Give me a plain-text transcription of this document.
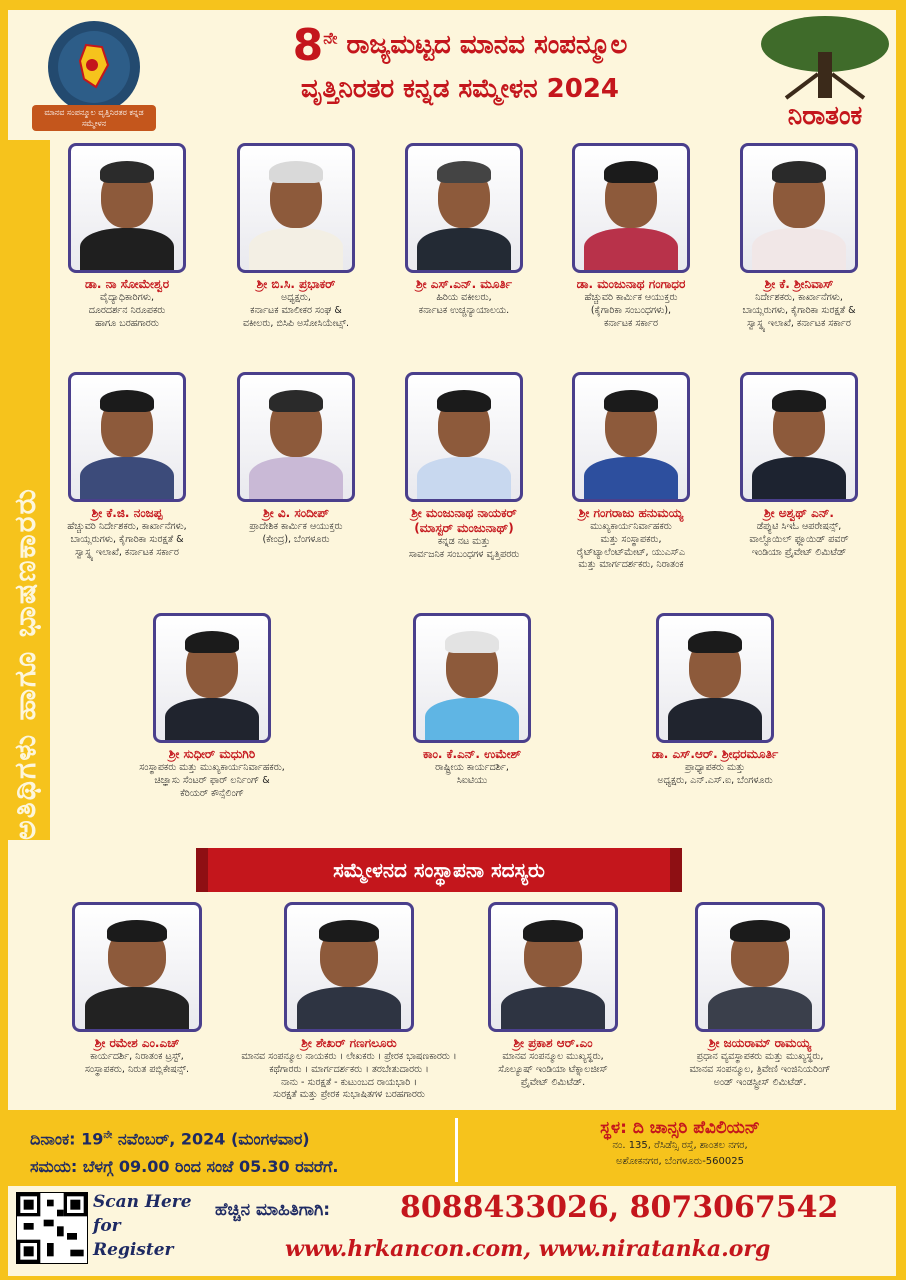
ಮಾನವ ಸಂಪನ್ಮೂಲ ವೃತ್ತಿನಿರತರ ಕನ್ನಡ ಸಮ್ಮೇಳನ
$8^{ನೇ}$ ರಾಜ್ಯಮಟ್ಟದ ಮಾನವ ಸಂಪನ್ಮೂಲ
ವೃತ್ತಿನಿರತರ ಕನ್ನಡ ಸಮ್ಮೇಳನ 2024
ನಿರಾತಂಕ
ಡಾ. ನಾ ಸೋಮೇಶ್ವರ
ವೈದ್ಯಾಧಿಕಾರಿಗಳು,
ದೂರದರ್ಶನ ನಿರೂಪಕರು
ಹಾಗೂ ಬರಹಗಾರರು
ಶ್ರೀ ಬಿ.ಸಿ. ಪ್ರಭಾಕರ್
ಅಧ್ಯಕ್ಷರು,
ಕರ್ನಾಟಕ ಮಾಲೀಕರ ಸಂಘ &
ವಕೀಲರು, ಬಿಸಿಪಿ ಅಸೋಸಿಯೇಟ್ಸ್.
ಶ್ರೀ ಎಸ್.ಎನ್. ಮೂರ್ತಿ
ಹಿರಿಯ ವಕೀಲರು,
ಕರ್ನಾಟಕ ಉಚ್ಚನ್ಯಾಯಾಲಯ.
ಡಾ. ಮಂಜುನಾಥ ಗಂಗಾಧರ
ಹೆಚ್ಚುವರಿ ಕಾರ್ಮಿಕ ಆಯುಕ್ತರು
(ಕೈಗಾರಿಕಾ ಸಂಬಂಧಗಳು),
ಕರ್ನಾಟಕ ಸರ್ಕಾರ
ಶ್ರೀ ಕೆ. ಶ್ರೀನಿವಾಸ್
ನಿರ್ದೇಶಕರು, ಕಾರ್ಖಾನೆಗಳು,
ಬಾಯ್ಲರುಗಳು, ಕೈಗಾರಿಕಾ ಸುರಕ್ಷತೆ &
ಸ್ವಾಸ್ಥ್ಯ ಇಲಾಖೆ, ಕರ್ನಾಟಕ ಸರ್ಕಾರ
ಶ್ರೀ ಕೆ.ಜಿ. ನಂಜಪ್ಪ
ಹೆಚ್ಚುವರಿ ನಿರ್ದೇಶಕರು, ಕಾರ್ಖಾನೆಗಳು,
ಬಾಯ್ಲರುಗಳು, ಕೈಗಾರಿಕಾ ಸುರಕ್ಷತೆ &
ಸ್ವಾಸ್ಥ್ಯ ಇಲಾಖೆ, ಕರ್ನಾಟಕ ಸರ್ಕಾರ
ಶ್ರೀ ವಿ. ಸಂದೀಪ್
ಪ್ರಾದೇಶಿಕ ಕಾರ್ಮಿಕ ಆಯುಕ್ತರು
(ಕೇಂದ್ರ), ಬೆಂಗಳೂರು
ಶ್ರೀ ಮಂಜುನಾಥ ನಾಯಕರ್
(ಮಾಸ್ಟರ್ ಮಂಜುನಾಥ್)
ಕನ್ನಡ ನಟ ಮತ್ತು
ಸಾರ್ವಜನಿಕ ಸಂಬಂಧಗಳ ವೃತ್ತಿಪರರು
ಶ್ರೀ ಗಂಗರಾಜು ಹನುಮಯ್ಯ
ಮುಖ್ಯಕಾರ್ಯನಿರ್ವಾಹಕರು
ಮತ್ತು ಸಂಸ್ಥಾಪಕರು,
ರೈಟ್‌ಟ್ಯಾಲೆಂಟ್‌ಮೇಟ್, ಯುಎಸ್‌ಎ
ಮತ್ತು ಮಾರ್ಗದರ್ಶಕರು, ನಿರಾತಂಕ
ಶ್ರೀ ಅಶ್ವಥ್ ಎನ್.
ಡೆಪ್ಯುಟಿ ಸಿಇಓ ಆಪರೇಷನ್ಸ್,
ವಾಲ್ಟೊಯಿಲ್ ಫ್ಲೂಯಿಡ್ ಪವರ್
ಇಂಡಿಯಾ ಪ್ರೈವೇಟ್ ಲಿಮಿಟೆಡ್
ಶ್ರೀ ಸುಧೀರ್ ಮಧುಗಿರಿ
ಸಂಸ್ಥಾಪಕರು ಮತ್ತು ಮುಖ್ಯಕಾರ್ಯನಿರ್ವಾಹಕರು,
ಚಿಜ್ಞಾಸು ಸೆಂಟರ್ ಫಾರ್ ಲರ್ನಿಂಗ್ &
ಕೆರಿಯರ್ ಕೌನ್ಸೆಲಿಂಗ್
ಕಾಂ. ಕೆ.ಎನ್. ಉಮೇಶ್
ರಾಷ್ಟ್ರೀಯ ಕಾರ್ಯದರ್ಶಿ,
ಸಿಐಟಿಯು
ಡಾ. ಎಸ್.ಆರ್. ಶ್ರೀಧರಮೂರ್ತಿ
ಪ್ರಾಧ್ಯಾಪಕರು ಮತ್ತು
ಅಧ್ಯಕ್ಷರು, ಎನ್.ಎಸ್.ಐ, ಬೆಂಗಳೂರು
ಸಮ್ಮೇಳನದ ಸಂಸ್ಥಾಪನಾ ಸದಸ್ಯರು
ಶ್ರೀ ರಮೇಶ ಎಂ.ಎಚ್
ಕಾರ್ಯದರ್ಶಿ, ನಿರಾತಂಕ ಟ್ರಸ್ಟ್,
ಸಂಸ್ಥಾಪಕರು, ನಿರುತ ಪಬ್ಲಿಕೇಷನ್ಸ್.
ಶ್ರೀ ಶೇಖರ್ ಗಣಗಲೂರು
ಮಾನವ ಸಂಪನ್ಮೂಲ ನಾಯಕರು । ಲೇಖಕರು । ಪ್ರೇರಕ ಭಾಷಣಕಾರರು ।
ಕಥೆಗಾರರು । ಮಾರ್ಗದರ್ಶಕರು । ತರಬೇತುದಾರರು ।
ನಾನು - ಸುರಕ್ಷತೆ - ಕುಟುಂಬದ ರಾಯಭಾರಿ ।
ಸುರಕ್ಷತೆ ಮತ್ತು ಪ್ರೇರಕ ಸುಭಾಷಿತಗಳ ಬರಹಗಾರರು
ಶ್ರೀ ಪ್ರಕಾಶ ಆರ್.ಎಂ
ಮಾನವ ಸಂಪನ್ಮೂಲ ಮುಖ್ಯಸ್ಥರು,
ಸೊಲ್ಯೂಷ್ ಇಂಡಿಯಾ ಟೆಕ್ನಾಲಜೀಸ್
ಪ್ರೈವೇಟ್ ಲಿಮಿಟೆಡ್.
ಶ್ರೀ ಜಯರಾಮ್ ರಾಮಯ್ಯ
ಪ್ರಧಾನ ವ್ಯವಸ್ಥಾಪಕರು ಮತ್ತು ಮುಖ್ಯಸ್ಥರು,
ಮಾನವ ಸಂಪನ್ಮೂಲ, ತ್ರಿವೇಣಿ ಇಂಜಿನಿಯರಿಂಗ್
ಅಂಡ್ ಇಂಡಸ್ಟ್ರೀಸ್ ಲಿಮಿಟೆಡ್.
ದಿನಾಂಕ: $19^{ನೇ}$ ನವೆಂಬರ್, 2024 (ಮಂಗಳವಾರ)
ಸಮಯ: ಬೆಳಗ್ಗೆ 09.00 ರಿಂದ ಸಂಜೆ 05.30 ರವರೆಗೆ.
ಸ್ಥಳ: ದಿ ಚಾನ್ಸರಿ ಪೆವಿಲಿಯನ್
ನಂ. 135, ರೆಸಿಡೆನ್ಸಿ ರಸ್ತೆ, ಶಾಂತಲ ನಗರ,
ಅಶೋಕನಗರ, ಬೆಂಗಳೂರು-560025
Scan Here for Register
ಹೆಚ್ಚಿನ ಮಾಹಿತಿಗಾಗಿ: 8088433026, 8073067542
www.hrkancon.com, www.niratanka.org
